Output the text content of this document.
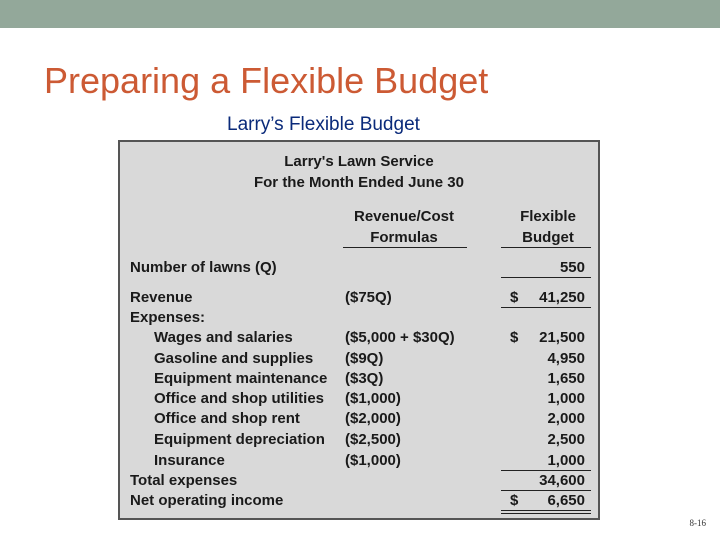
Preparing a Flexible Budget
Larry’s Flexible Budget
Larry's Lawn Service
For the Month Ended June 30
Revenue/Cost
Formulas
Flexible
Budget
Number of lawns (Q)	550
Revenue	($75Q)	$	41,250
Expenses:
Wages and salaries	($5,000 + $30Q)	$	21,500
Gasoline and supplies ($9Q)	4,950
Equipment maintenance ($3Q)	1,650
Office and shop utilities ($1,000)	1,000
Office and shop rent	($2,000)	2,000
Equipment depreciation ($2,500)	2,500
Insurance	($1,000)	1,000
Total expenses	34,600
Net operating income	$	6,650
8-16
